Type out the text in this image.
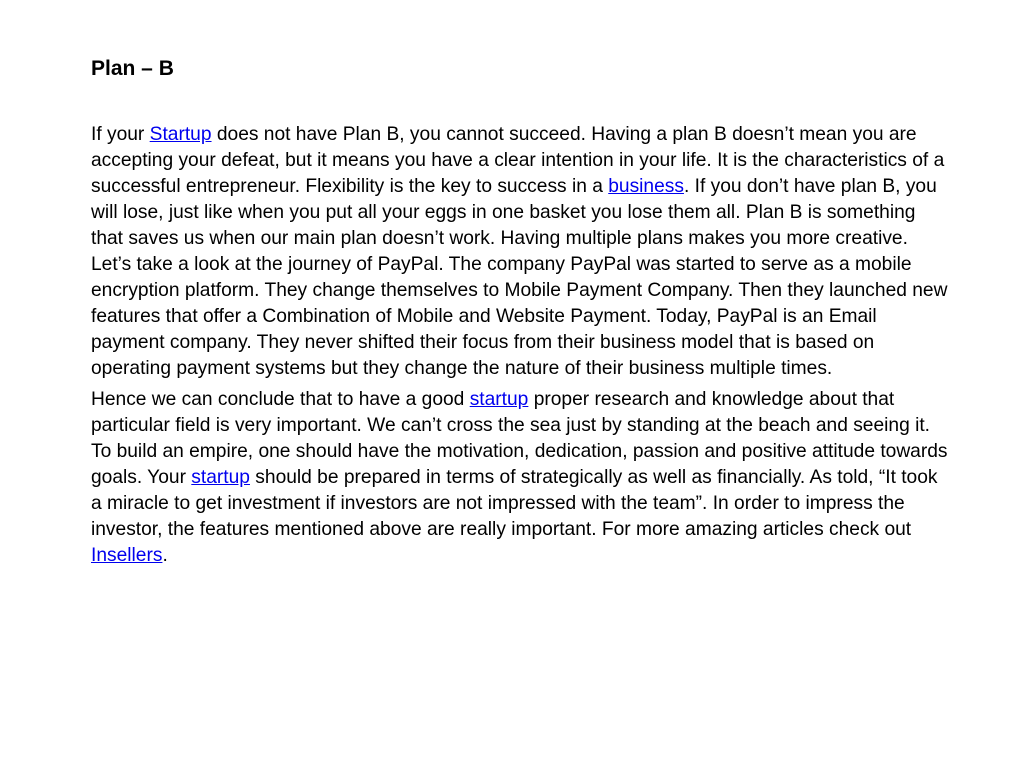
Plan – B

If your Startup does not have Plan B, you cannot succeed. Having a plan B doesn’t mean you are accepting your defeat, but it means you have a clear intention in your life. It is the characteristics of a successful entrepreneur. Flexibility is the key to success in a business. If you don’t have plan B, you will lose, just like when you put all your eggs in one basket you lose them all. Plan B is something that saves us when our main plan doesn’t work. Having multiple plans makes you more creative. Let’s take a look at the journey of PayPal. The company PayPal was started to serve as a mobile encryption platform. They change themselves to Mobile Payment Company. Then they launched new features that offer a Combination of Mobile and Website Payment. Today, PayPal is an Email payment company. They never shifted their focus from their business model that is based on operating payment systems but they change the nature of their business multiple times.

Hence we can conclude that to have a good startup proper research and knowledge about that particular field is very important. We can’t cross the sea just by standing at the beach and seeing it. To build an empire, one should have the motivation, dedication, passion and positive attitude towards goals. Your startup should be prepared in terms of strategically as well as financially. As told, “It took a miracle to get investment if investors are not impressed with the team”. In order to impress the investor, the features mentioned above are really important. For more amazing articles check out Insellers.
